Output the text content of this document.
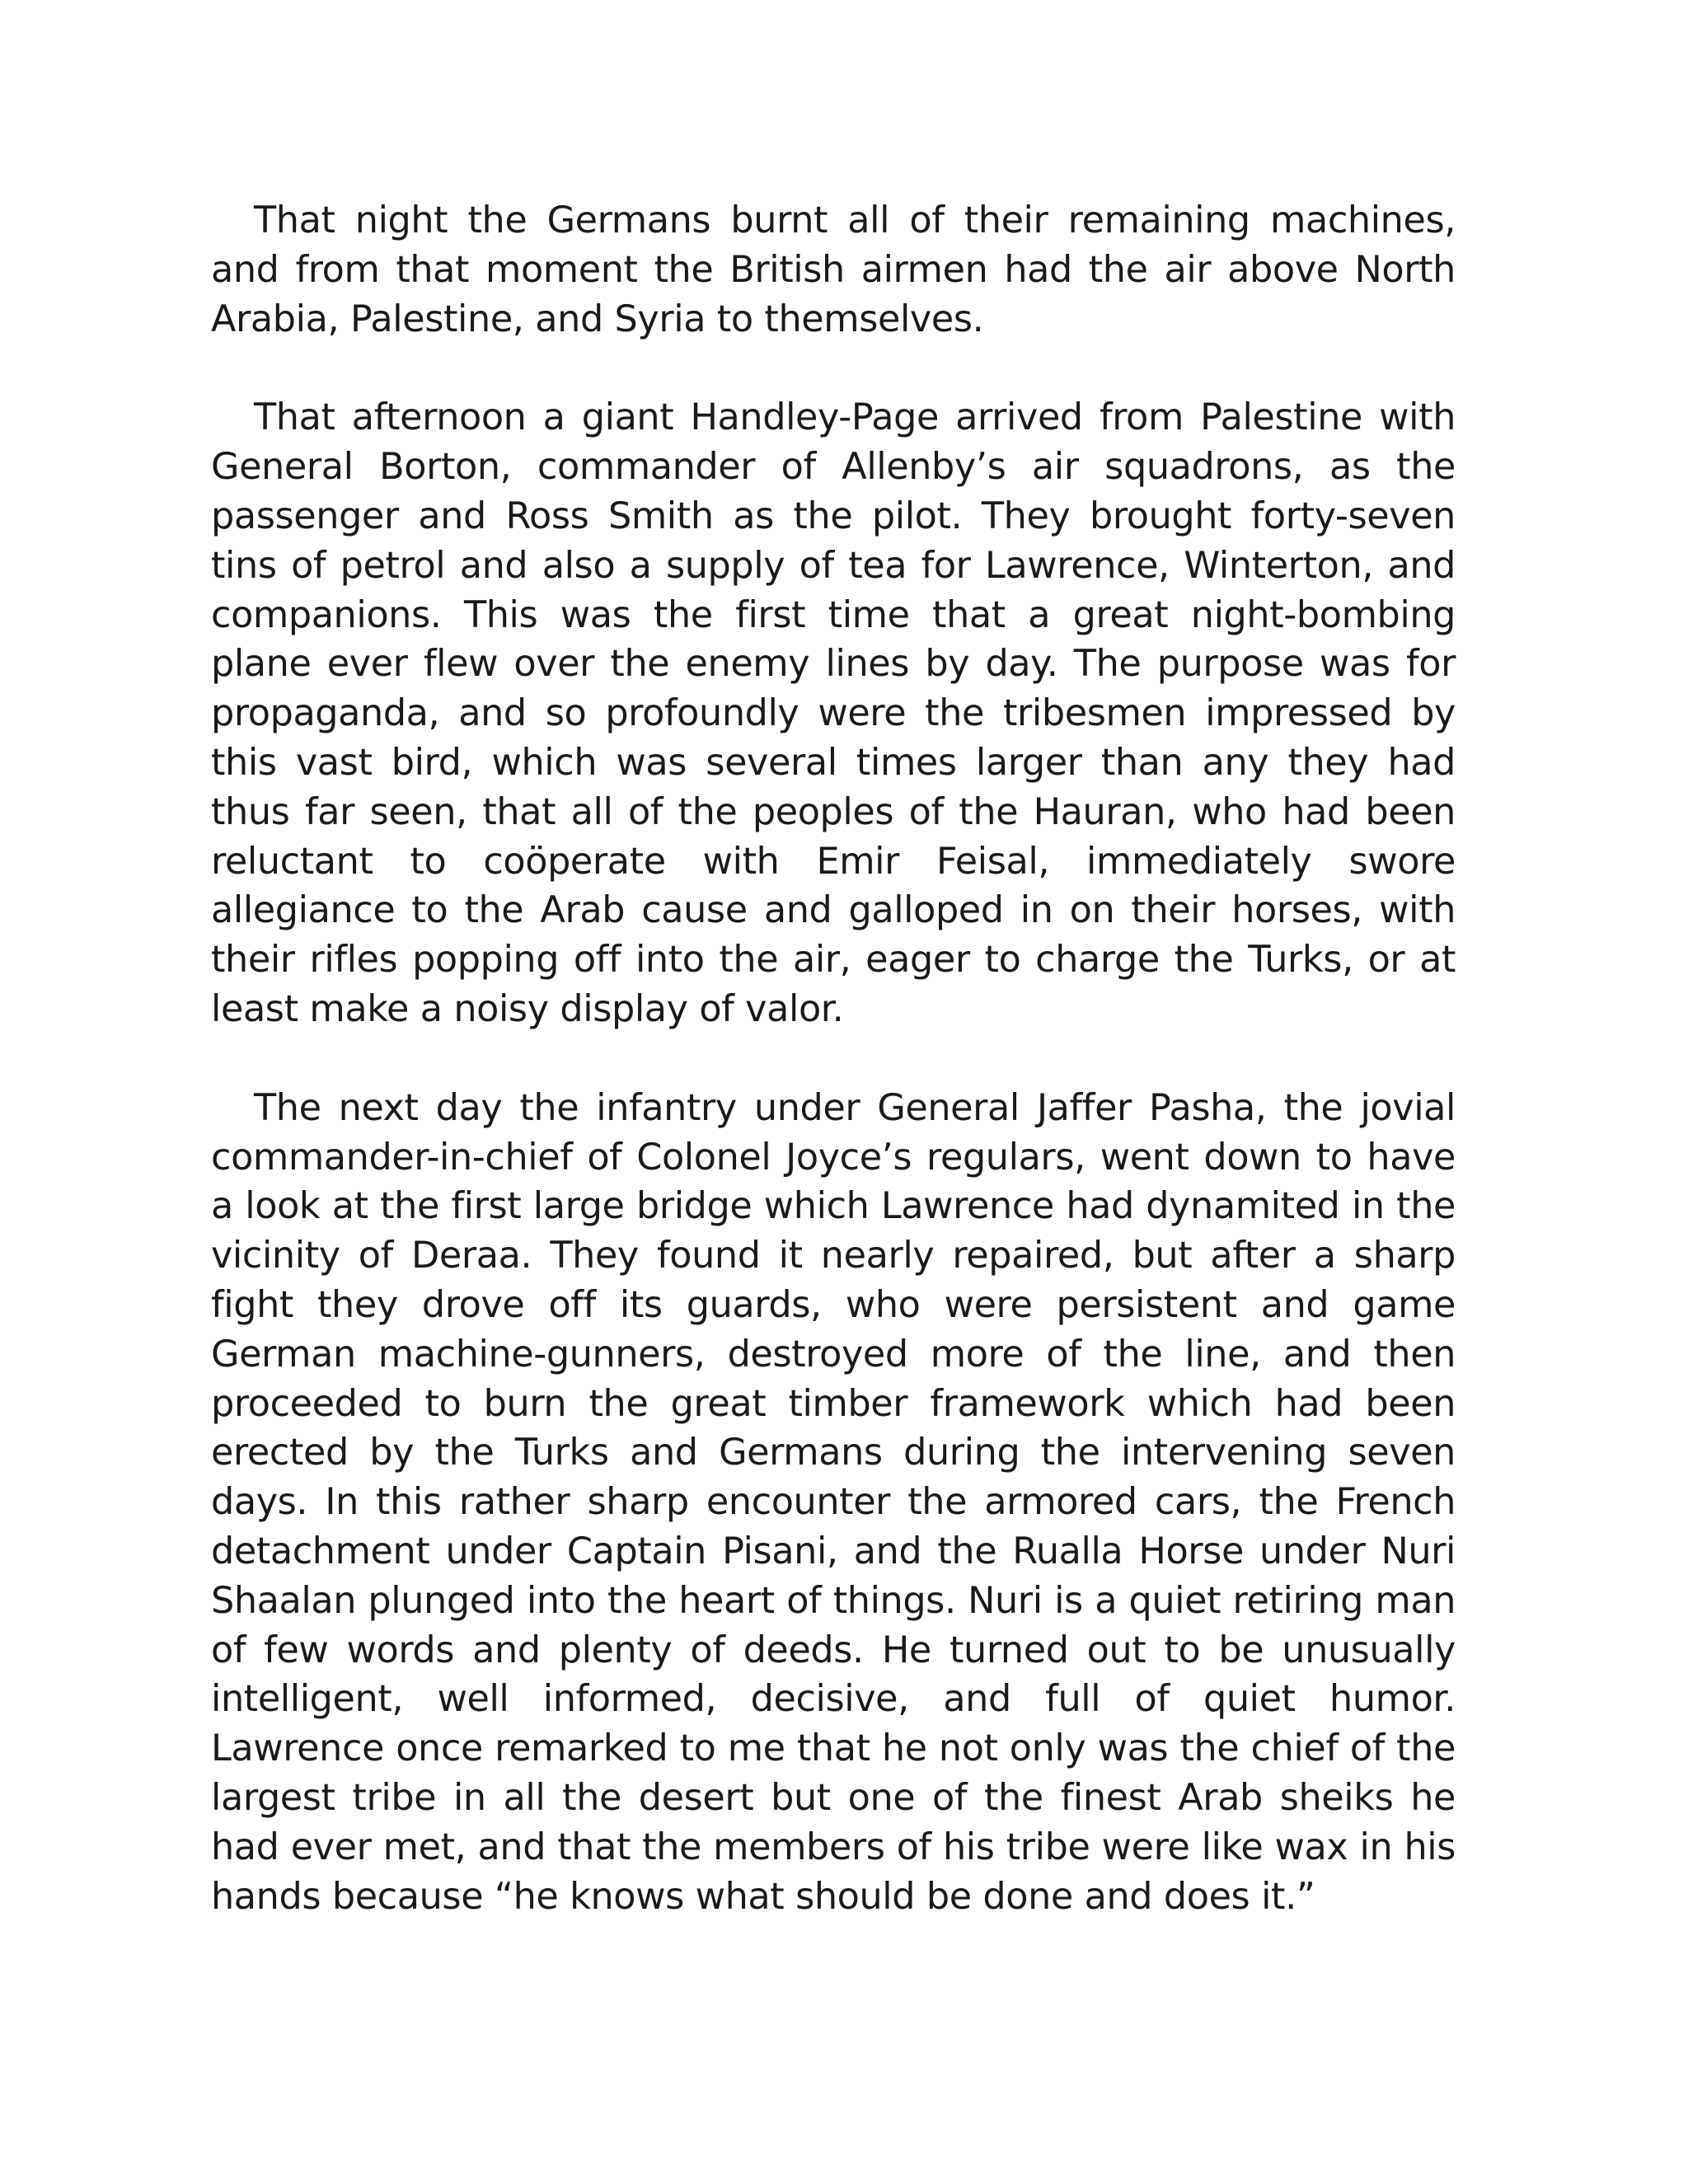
That night the Germans burnt all of their remaining machines, and from that moment the British airmen had the air above North Arabia, Palestine, and Syria to themselves.

That afternoon a giant Handley-Page arrived from Palestine with General Borton, commander of Allenby’s air squadrons, as the passenger and Ross Smith as the pilot. They brought forty-seven tins of petrol and also a supply of tea for Lawrence, Winterton, and companions. This was the first time that a great night-bombing plane ever flew over the enemy lines by day. The purpose was for propaganda, and so profoundly were the tribesmen impressed by this vast bird, which was several times larger than any they had thus far seen, that all of the peoples of the Hauran, who had been reluctant to coöperate with Emir Feisal, immediately swore allegiance to the Arab cause and galloped in on their horses, with their rifles popping off into the air, eager to charge the Turks, or at least make a noisy display of valor.

The next day the infantry under General Jaffer Pasha, the jovial commander-in-chief of Colonel Joyce’s regulars, went down to have a look at the first large bridge which Lawrence had dynamited in the vicinity of Deraa. They found it nearly repaired, but after a sharp fight they drove off its guards, who were persistent and game German machine-gunners, destroyed more of the line, and then proceeded to burn the great timber framework which had been erected by the Turks and Germans during the intervening seven days. In this rather sharp encounter the armored cars, the French detachment under Captain Pisani, and the Rualla Horse under Nuri Shaalan plunged into the heart of things. Nuri is a quiet retiring man of few words and plenty of deeds. He turned out to be unusually intelligent, well informed, decisive, and full of quiet humor. Lawrence once remarked to me that he not only was the chief of the largest tribe in all the desert but one of the finest Arab sheiks he had ever met, and that the members of his tribe were like wax in his hands because “he knows what should be done and does it.”
